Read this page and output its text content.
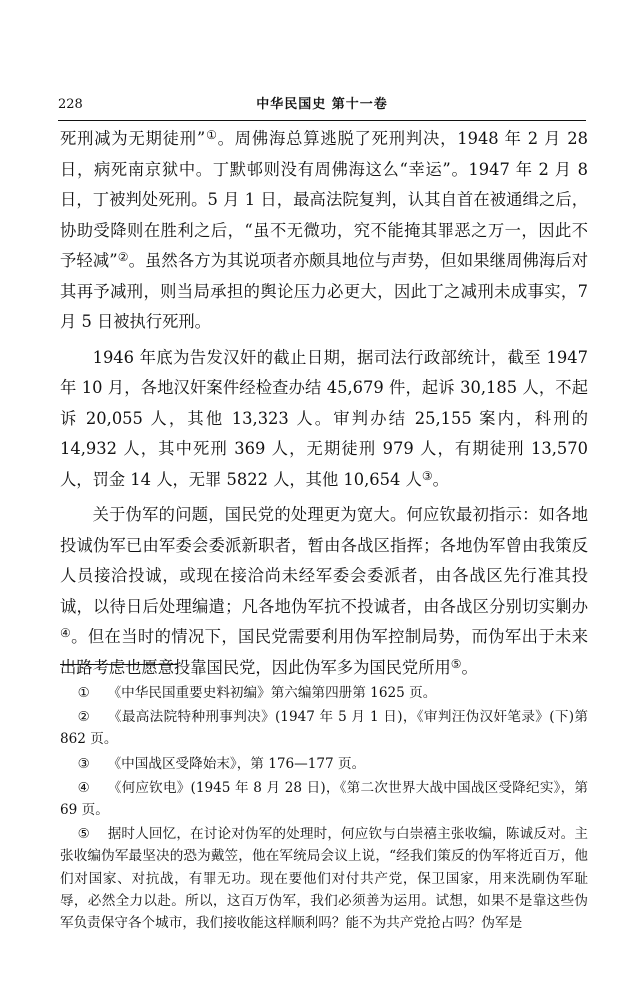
228	中华民国史 第十一卷

死刑减为无期徒刑”①。周佛海总算逃脱了死刑判决，1948 年 2 月 28 日，病死南京狱中。丁默邨则没有周佛海这么“幸运”。1947 年 2 月 8 日，丁被判处死刑。5 月 1 日，最高法院复判，认其自首在被通缉之后，协助受降则在胜利之后，“虽不无微功，究不能掩其罪恶之万一，因此不予轻减”②。虽然各方为其说项者亦颇具地位与声势，但如果继周佛海后对其再予减刑，则当局承担的舆论压力必更大，因此丁之减刑未成事实，7 月 5 日被执行死刑。

1946 年底为告发汉奸的截止日期，据司法行政部统计，截至 1947 年 10 月，各地汉奸案件经检查办结 45,679 件，起诉 30,185 人，不起诉 20,055 人，其他 13,323 人。审判办结 25,155 案内，科刑的 14,932 人，其中死刑 369 人，无期徒刑 979 人，有期徒刑 13,570 人，罚金 14 人，无罪 5822 人，其他 10,654 人③。

关于伪军的问题，国民党的处理更为宽大。何应钦最初指示：如各地投诚伪军已由军委会委派新职者，暂由各战区指挥；各地伪军曾由我策反人员接洽投诚，或现在接洽尚未经军委会委派者，由各战区先行准其投诚，以待日后处理编遣；凡各地伪军抗不投诚者，由各战区分别切实剿办④。但在当时的情况下，国民党需要利用伪军控制局势，而伪军出于未来出路考虑也愿意投靠国民党，因此伪军多为国民党所用⑤。

① 《中华民国重要史料初编》第六编第四册第 1625 页。

② 《最高法院特种刑事判决》(1947 年 5 月 1 日)，《审判汪伪汉奸笔录》(下)第 862 页。

③ 《中国战区受降始末》，第 176—177 页。

④ 《何应钦电》(1945 年 8 月 28 日)，《第二次世界大战中国战区受降纪实》，第 69 页。

⑤ 据时人回忆，在讨论对伪军的处理时，何应钦与白崇禧主张收编，陈诚反对。主张收编伪军最坚决的恐为戴笠，他在军统局会议上说，“经我们策反的伪军将近百万，他们对国家、对抗战，有罪无功。现在要他们对付共产党，保卫国家，用来洗刷伪军耻辱，必然全力以赴。所以，这百万伪军，我们必须善为运用。试想，如果不是靠这些伪军负责保守各个城市，我们接收能这样顺利吗？能不为共产党抢占吗？伪军是
